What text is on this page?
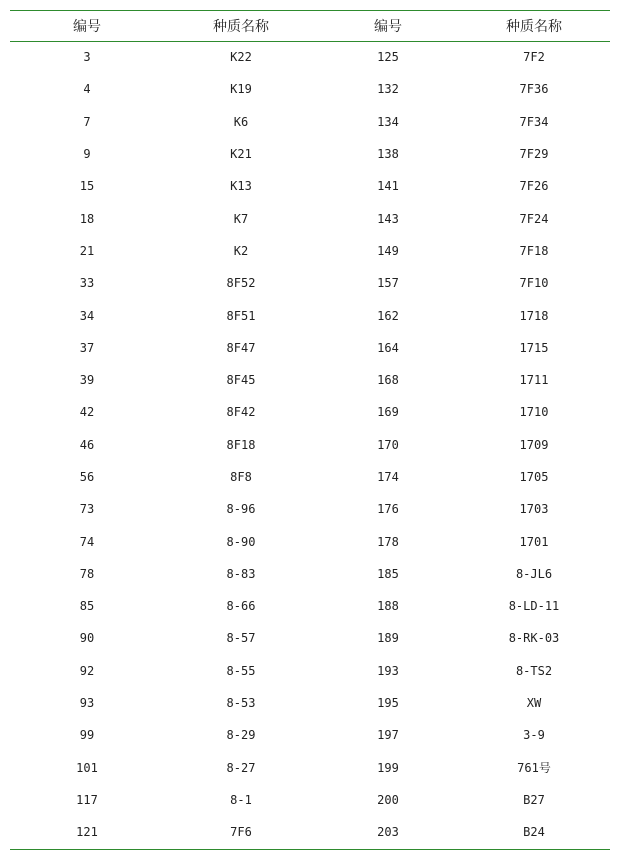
编号	种质名称	编号	种质名称
3	K22	125	7F2
4	K19	132	7F36
7	K6	134	7F34
9	K21	138	7F29
15	K13	141	7F26
18	K7	143	7F24
21	K2	149	7F18
33	8F52	157	7F10
34	8F51	162	1718
37	8F47	164	1715
39	8F45	168	1711
42	8F42	169	1710
46	8F18	170	1709
56	8F8	174	1705
73	8-96	176	1703
74	8-90	178	1701
78	8-83	185	8-JL6
85	8-66	188	8-LD-11
90	8-57	189	8-RK-03
92	8-55	193	8-TS2
93	8-53	195	XW
99	8-29	197	3-9
101	8-27	199	761号
117	8-1	200	B27
121	7F6	203	B24
